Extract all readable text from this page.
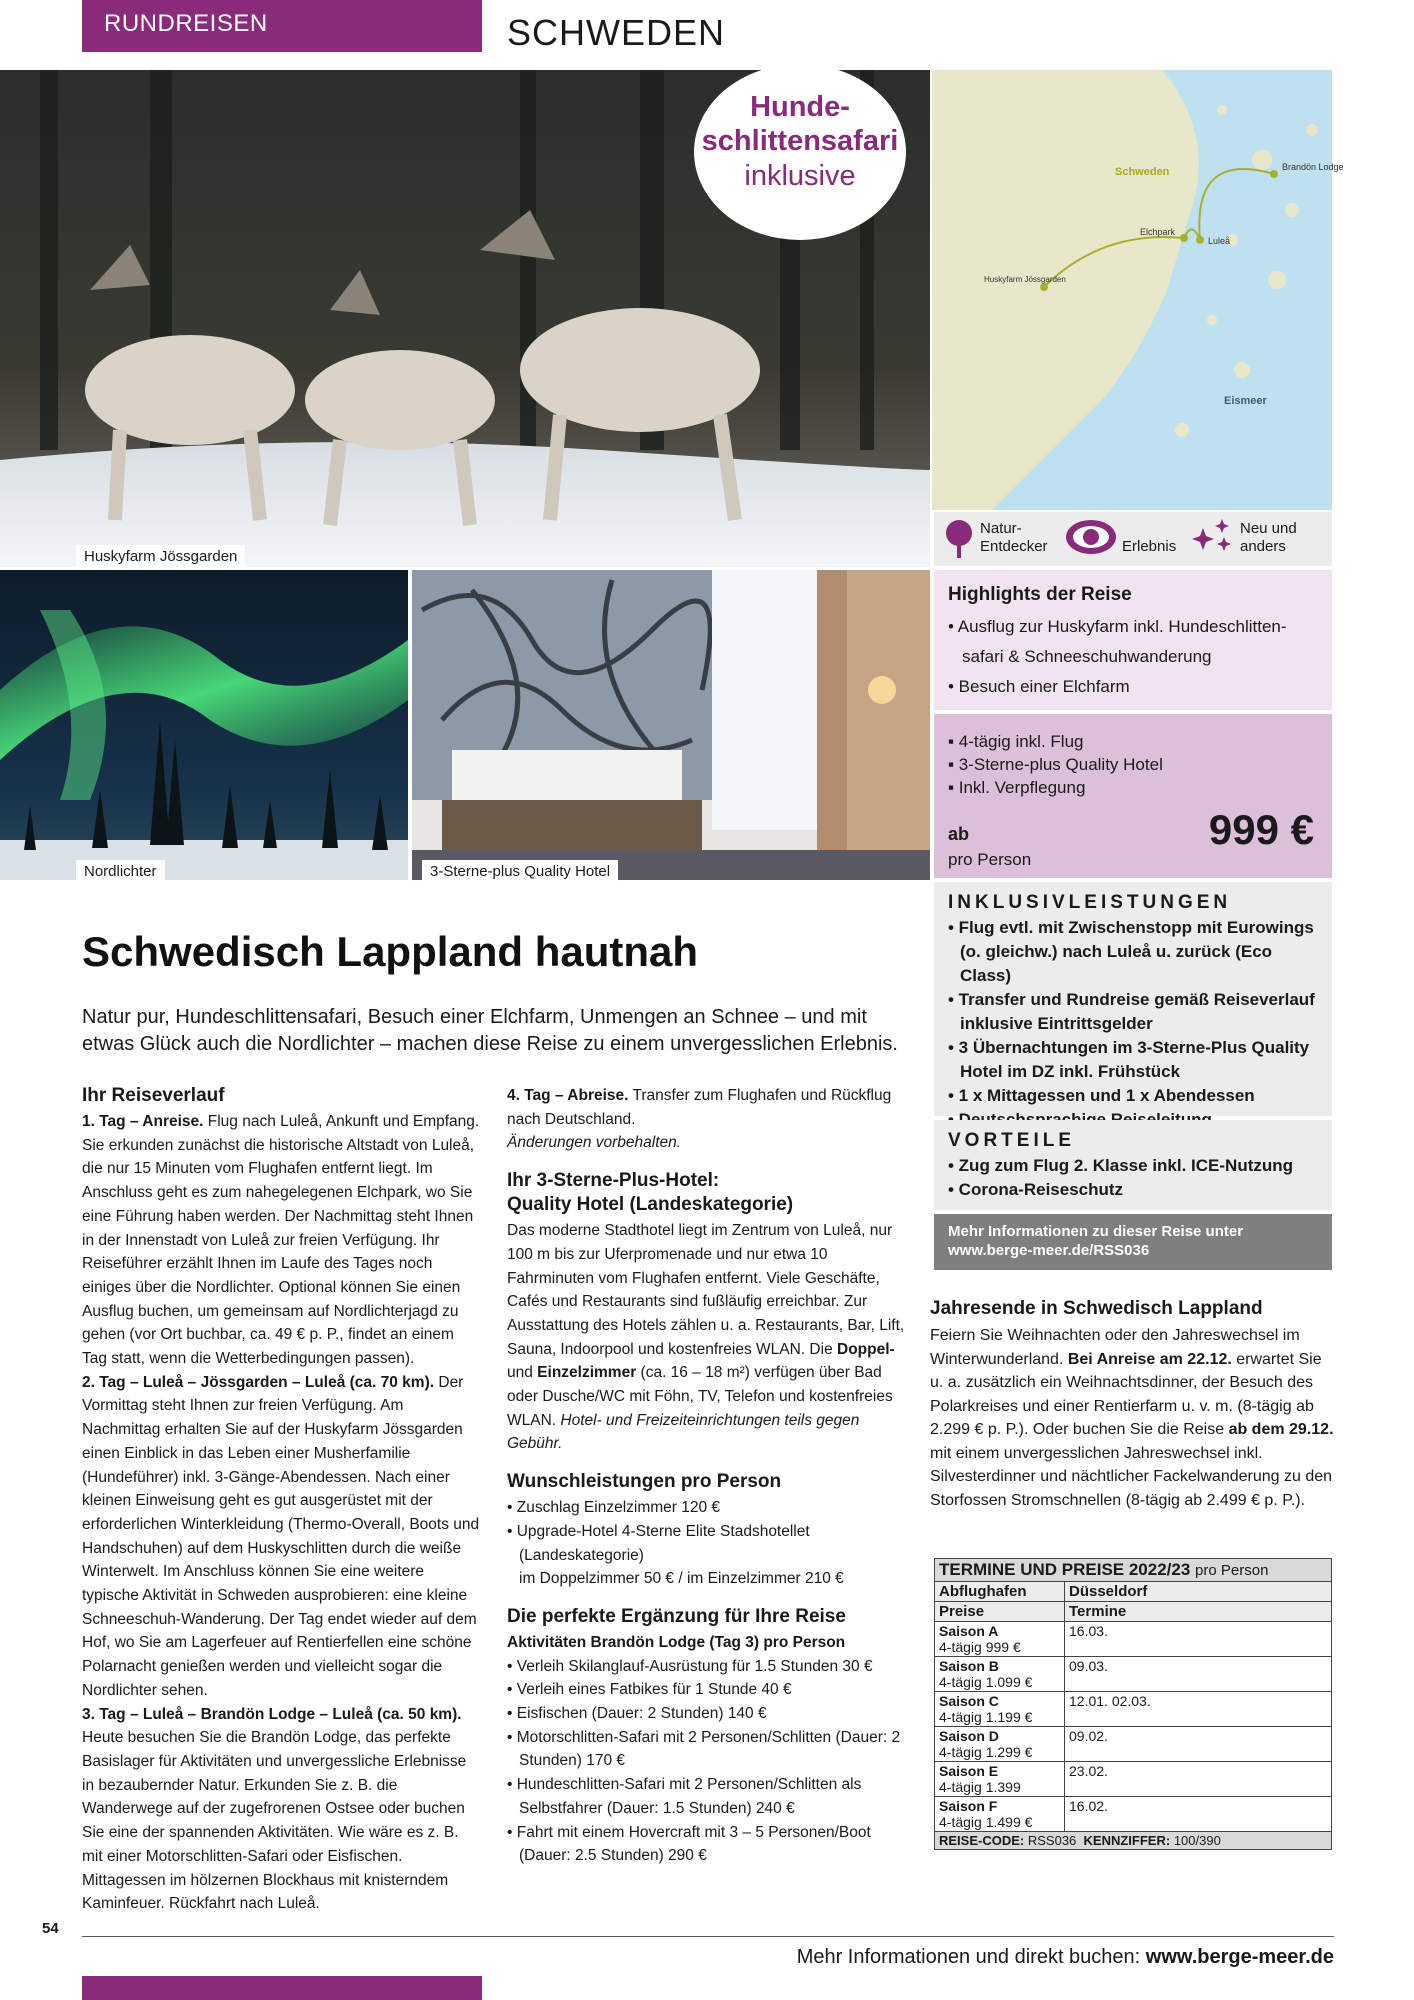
RUNDREISEN	SCHWEDEN
Huskyfarm Jössgarden
Hunde-
schlittensafari
inklusive	Schweden
Eismeer
Brandön Lodge
Elchpark
Luleå
Huskyfarm Jössgarden
Nordlichter	3-Sterne-plus Quality Hotel
Natur-
Entdecker	Erlebnis
Neu und
anders
Highlights der Reise
• Ausflug zur Huskyfarm inkl. Hundeschlitten-safari & Schneeschuhwanderung
• Besuch einer Elchfarm
▪ 4-tägig inkl. Flug
▪ 3-Sterne-plus Quality Hotel
▪ Inkl. Verpflegung
ab
pro Person
999 €
INKLUSIVLEISTUNGEN
• Flug evtl. mit Zwischenstopp mit Eurowings (o. gleichw.) nach Luleå u. zurück (Eco Class)
• Transfer und Rundreise gemäß Reiseverlauf inklusive Eintrittsgelder
• 3 Übernachtungen im 3-Sterne-Plus Quality Hotel im DZ inkl. Frühstück
• 1 x Mittagessen und 1 x Abendessen
VORTEILE
• Zug zum Flug 2. Klasse inkl. ICE-Nutzung
• Corona-Reiseschutz
Mehr Informationen zu dieser Reise unter
www.berge-meer.de/RSS036
Jahresende in Schwedisch Lappland

Feiern Sie Weihnachten oder den Jahreswechsel im Winterwunderland. Bei Anreise am 22.12. erwartet Sie u. a. zusätzlich ein Weihnachtsdinner, der Besuch des Polarkreises und einer Rentierfarm u. v. m. (8-tägig ab 2.299 € p. P.). Oder buchen Sie die Reise ab dem 29.12. mit einem unvergesslichen Jahreswechsel inkl. Silvesterdinner und nächtlicher Fackelwanderung zu den Storfossen Stromschnellen (8-tägig ab 2.499 € p. P.).

TERMINE UND PREISE 2022/23 pro Person	
Abflughafen	Düsseldorf
Preise	Termine
Saison A
4-tägig 999 €	16.03.
Saison B
4-tägig 1.099 €	09.03.
Saison C
4-tägig 1.199 €	12.01. 02.03.
Saison D
4-tägig 1.299 €	09.02.
Saison E
4-tägig 1.399	23.02.
Saison F
4-tägig 1.499 €	16.02.
REISE-CODE: RSS036 KENNZIFFER: 100/390	
Schwedisch Lappland hautnah
Natur pur, Hundeschlittensafari, Besuch einer Elchfarm, Unmengen an Schnee – und mit etwas Glück auch die Nordlichter – machen diese Reise zu einem unvergesslichen Erlebnis.
Ihr Reiseverlauf

1. Tag – Anreise. Flug nach Luleå, Ankunft und Empfang. Sie erkunden zunächst die historische Altstadt von Luleå, die nur 15 Minuten vom Flughafen entfernt liegt. Im Anschluss geht es zum nahegelegenen Elchpark, wo Sie eine Führung haben werden. Der Nachmittag steht Ihnen in der Innenstadt von Luleå zur freien Verfügung. Ihr Reiseführer erzählt Ihnen im Laufe des Tages noch einiges über die Nordlichter. Optional können Sie einen Ausflug buchen, um gemeinsam auf Nordlichterjagd zu gehen (vor Ort buchbar, ca. 49 € p. P., findet an einem Tag statt, wenn die Wetterbedingungen passen).

2. Tag – Luleå – Jössgarden – Luleå (ca. 70 km). Der Vormittag steht Ihnen zur freien Verfügung. Am Nachmittag erhalten Sie auf der Huskyfarm Jössgarden einen Einblick in das Leben einer Musherfamilie (Hundeführer) inkl. 3-Gänge-Abendessen. Nach einer kleinen Einweisung geht es gut ausgerüstet mit der erforderlichen Winterkleidung (Thermo-Overall, Boots und Handschuhen) auf dem Huskyschlitten durch die weiße Winterwelt. Im Anschluss können Sie eine weitere typische Aktivität in Schweden ausprobieren: eine kleine Schneeschuh-Wanderung. Der Tag endet wieder auf dem Hof, wo Sie am Lagerfeuer auf Rentierfellen eine schöne Polarnacht genießen werden und vielleicht sogar die Nordlichter sehen.

3. Tag – Luleå – Brandön Lodge – Luleå (ca. 50 km). Heute besuchen Sie die Brandön Lodge, das perfekte Basislager für Aktivitäten und unvergessliche Erlebnisse in bezaubernder Natur. Erkunden Sie z. B. die Wanderwege auf der zugefrorenen Ostsee oder buchen Sie eine der spannenden Aktivitäten. Wie wäre es z. B. mit einer Motorschlitten-Safari oder Eisfischen. Mittagessen im hölzernen Blockhaus mit knisterndem Kaminfeuer. Rückfahrt nach Luleå.

4. Tag – Abreise. Transfer zum Flughafen und Rückflug nach Deutschland.

Änderungen vorbehalten.

Ihr 3-Sterne-Plus-Hotel:
Quality Hotel (Landeskategorie)

Das moderne Stadthotel liegt im Zentrum von Luleå, nur 100 m bis zur Uferpromenade und nur etwa 10 Fahrminuten vom Flughafen entfernt. Viele Geschäfte, Cafés und Restaurants sind fußläufig erreichbar. Zur Ausstattung des Hotels zählen u. a. Restaurants, Bar, Lift, Sauna, Indoorpool und kostenfreies WLAN. Die Doppel- und Einzelzimmer (ca. 16 – 18 m²) verfügen über Bad oder Dusche/WC mit Föhn, TV, Telefon und kostenfreies WLAN. Hotel- und Freizeiteinrichtungen teils gegen Gebühr.

Wunschleistungen pro Person
• Zuschlag Einzelzimmer 120 €
• Upgrade-Hotel 4-Sterne Elite Stadshotellet (Landeskategorie)
im Doppelzimmer 50 € / im Einzelzimmer 210 €
Die perfekte Ergänzung für Ihre Reise
Aktivitäten Brandön Lodge (Tag 3) pro Person
• Verleih Skilanglauf-Ausrüstung für 1.5 Stunden 30 €
• Verleih eines Fatbikes für 1 Stunde 40 €
• Eisfischen (Dauer: 2 Stunden) 140 €
• Motorschlitten-Safari mit 2 Personen/Schlitten (Dauer: 2 Stunden) 170 €
• Hundeschlitten-Safari mit 2 Personen/Schlitten als Selbstfahrer (Dauer: 1.5 Stunden) 240 €
• Fahrt mit einem Hovercraft mit 3 – 5 Personen/Boot (Dauer: 2.5 Stunden) 290 €
54
Mehr Informationen und direkt buchen: www.berge-meer.de
